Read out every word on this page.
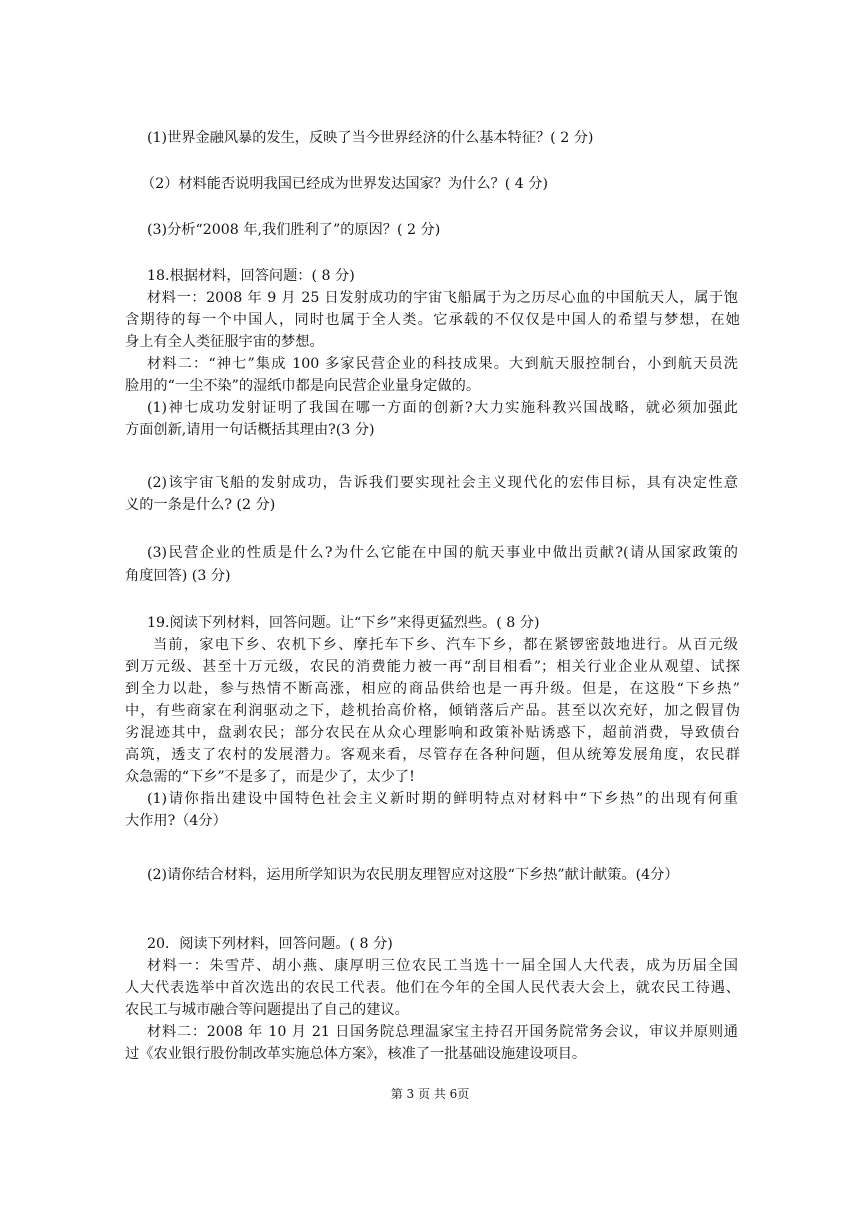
(1)世界金融风暴的发生，反映了当今世界经济的什么基本特征？( 2 分)
（2）材料能否说明我国已经成为世界发达国家？为什么？( 4 分)
(3)分析“2008 年,我们胜利了”的原因？( 2 分)
18.根据材料，回答问题：( 8 分)
材料一：2008 年 9 月 25 日发射成功的宇宙飞船属于为之历尽心血的中国航天人，属于饱
含期待的每一个中国人，同时也属于全人类。它承载的不仅仅是中国人的希望与梦想，在她
身上有全人类征服宇宙的梦想。
材料二：“神七”集成 100 多家民营企业的科技成果。大到航天服控制台，小到航天员洗
脸用的“一尘不染”的湿纸巾都是向民营企业量身定做的。
(1)神七成功发射证明了我国在哪一方面的创新?大力实施科教兴国战略，就必须加强此
方面创新,请用一句话概括其理由?(3 分)
(2)该宇宙飞船的发射成功，告诉我们要实现社会主义现代化的宏伟目标，具有决定性意
义的一条是什么? (2 分)
(3)民营企业的性质是什么?为什么它能在中国的航天事业中做出贡献?(请从国家政策的
角度回答) (3 分)
19.阅读下列材料，回答问题。让“下乡”来得更猛烈些。( 8 分)
当前，家电下乡、农机下乡、摩托车下乡、汽车下乡，都在紧锣密鼓地进行。从百元级
到万元级、甚至十万元级，农民的消费能力被一再“刮目相看”；相关行业企业从观望、试探
到全力以赴，参与热情不断高涨，相应的商品供给也是一再升级。但是，在这股“下乡热”
中，有些商家在利润驱动之下，趁机抬高价格，倾销落后产品。甚至以次充好，加之假冒伪
劣混迹其中，盘剥农民；部分农民在从众心理影响和政策补贴诱惑下，超前消费，导致债台
高筑，透支了农村的发展潜力。客观来看，尽管存在各种问题，但从统筹发展角度，农民群
众急需的“下乡”不是多了，而是少了，太少了!
(1)请你指出建设中国特色社会主义新时期的鲜明特点对材料中“下乡热”的出现有何重
大作用?（4分）
(2)请你结合材料，运用所学知识为农民朋友理智应对这股“下乡热”献计献策。(4分）
20．阅读下列材料，回答问题。( 8 分)
材料一：朱雪芹、胡小燕、康厚明三位农民工当选十一届全国人大代表，成为历届全国
人大代表选举中首次选出的农民工代表。他们在今年的全国人民代表大会上，就农民工待遇、
农民工与城市融合等问题提出了自己的建议。
材料二：2008 年 10 月 21 日国务院总理温家宝主持召开国务院常务会议，审议并原则通
过《农业银行股份制改革实施总体方案》，核准了一批基础设施建设项目。
第 3 页 共 6页
